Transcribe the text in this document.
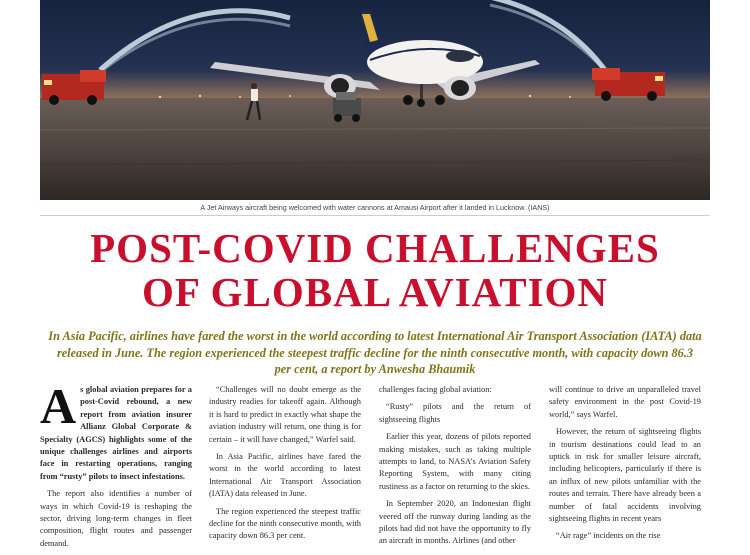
A Jet Airways aircraft being welcomed with water cannons at Amausi Airport after it landed in Lucknow. (IANS)
POST-COVID CHALLENGES
OF GLOBAL AVIATION
In Asia Pacific, airlines have fared the worst in the world according to latest International Air Transport Association (IATA) data released in June. The region experienced the steepest traffic decline for the ninth consecutive month, with capacity down 86.3 per cent, a report by Anwesha Bhaumik

As global aviation prepares for a post-Covid rebound, a new report from aviation insurer Allianz Global Corporate & Specialty (AGCS) highlights some of the unique challenges airlines and airports face in restarting operations, ranging from “rusty” pilots to insect infestations.

The report also identifies a number of ways in which Covid-19 is reshaping the sector, driving long-term changes in fleet composition, flight routes and passenger demand.

“Challenges will no doubt emerge as the industry readies for takeoff again. Although it is hard to predict in exactly what shape the aviation industry will return, one thing is for certain – it will have changed,” Warfel said.

In Asia Pacific, airlines have fared the worst in the world according to latest International Air Transport Association (IATA) data released in June.

The region experienced the steepest traffic decline for the ninth consecutive month, with capacity down 86.3 per cent.

challenges facing global aviation:

“Rusty” pilots and the return of sightseeing flights

Earlier this year, dozens of pilots reported making mistakes, such as taking multiple attempts to land, to NASA’s Aviation Safety Reporting System, with many citing rustiness as a factor on returning to the skies.

In September 2020, an Indonesian flight veered off the runway during landing as the pilots had did not have the opportunity to fly an aircraft in months. Airlines (and other

will continue to drive an unparalleled travel safety environment in the post Covid-19 world,” says Warfel.

However, the return of sightseeing flights in tourism destinations could lead to an uptick in risk for smaller leisure aircraft, including helicopters, particularly if there is an influx of new pilots unfamiliar with the routes and terrain. There have already been a number of fatal accidents involving sightseeing flights in recent years

“Air rage” incidents on the rise
